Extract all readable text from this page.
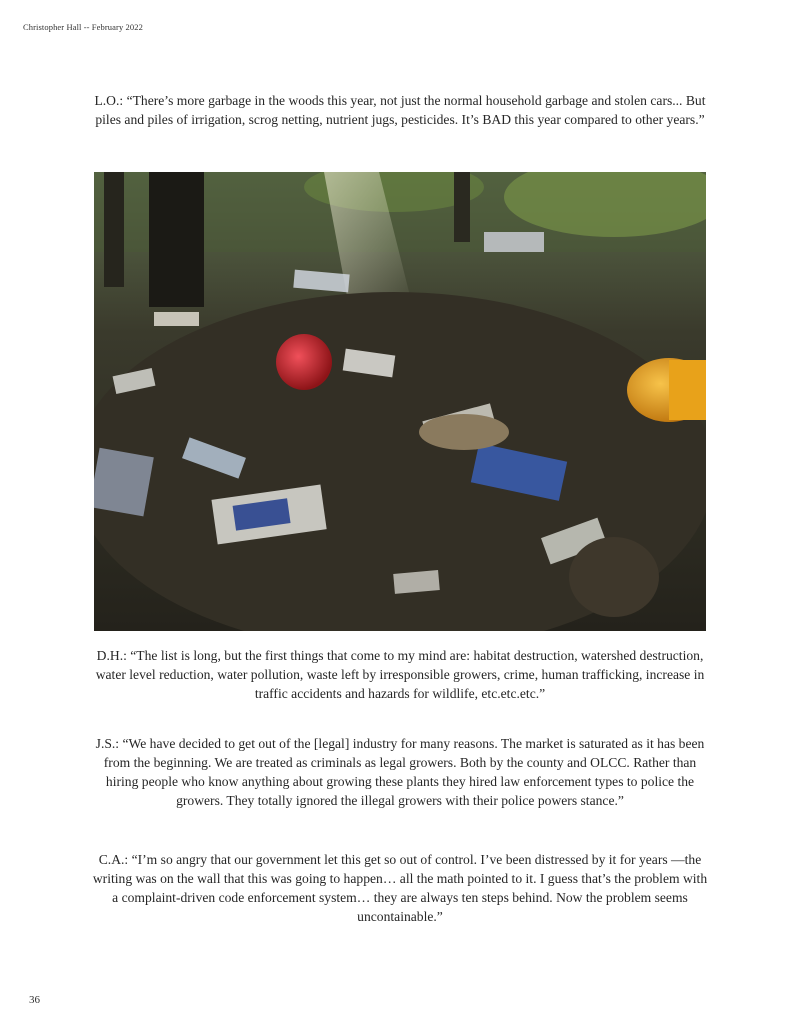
Christopher Hall -- February 2022

L.O.: “There’s more garbage in the woods this year, not just the normal household garbage and stolen cars... But piles and piles of irrigation, scrog netting, nutrient jugs, pesticides. It’s BAD this year compared to other years.”

D.H.: “The list is long, but the first things that come to my mind are: habitat destruction, watershed destruction, water level reduction, water pollution, waste left by irresponsible growers, crime, human trafficking, increase in traffic accidents and hazards for wildlife, etc.etc.etc.”

J.S.: “We have decided to get out of the [legal] industry for many reasons. The market is saturated as it has been from the beginning. We are treated as criminals as legal growers. Both by the county and OLCC. Rather than hiring people who know anything about growing these plants they hired law enforcement types to police the growers. They totally ignored the illegal growers with their police powers stance.”

C.A.: “I’m so angry that our government let this get so out of control. I’ve been distressed by it for years —the writing was on the wall that this was going to happen… all the math pointed to it. I guess that’s the problem with a complaint-driven code enforcement system… they are always ten steps behind. Now the problem seems uncontainable.”

36
